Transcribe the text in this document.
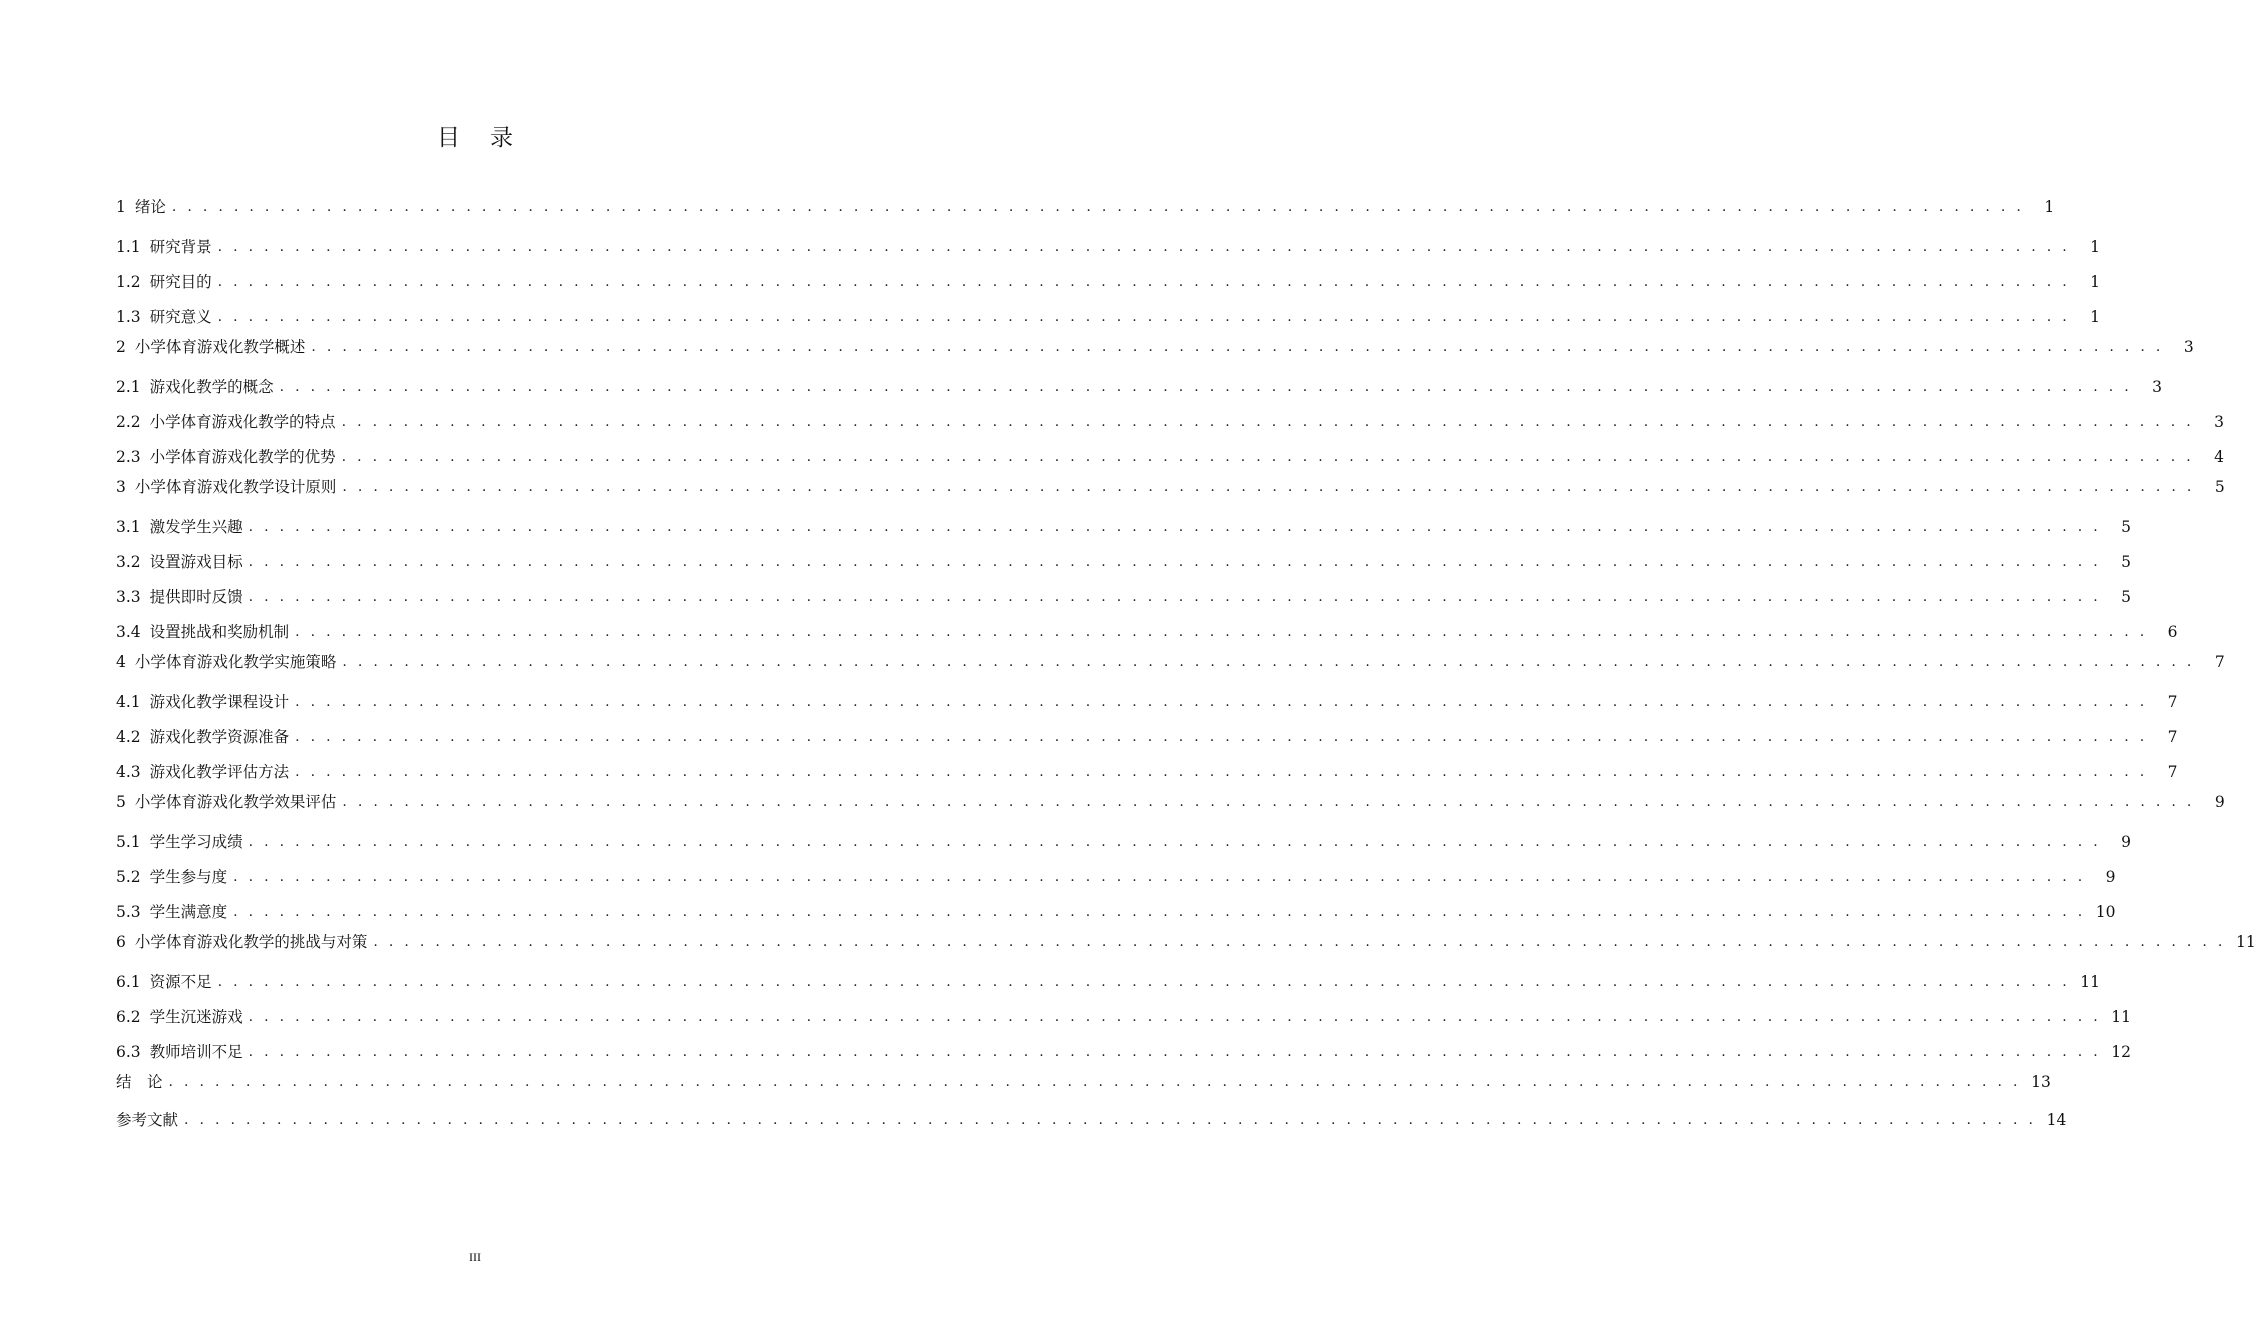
目 录
1 绪论 . . . . . . . . . . . . . . . . . . . . . . . . . . . . . . . . . . . . . . . . . . . . . . . . . . . . . . . . . . . . . . . . . . . . . . . . . . . . . . . . . . . . . . . . . . . . . . . . . . . . . . . . . . . . . . . . . . . . . . . .	1
1.1 研究背景 . . . . . . . . . . . . . . . . . . . . . . . . . . . . . . . . . . . . . . . . . . . . . . . . . . . . . . . . . . . . . . . . . . . . . . . . . . . . . . . . . . . . . . . . . . . . . . . . . . . . . . . . . . . . . . . . . . . . . . . .	1
1.2 研究目的 . . . . . . . . . . . . . . . . . . . . . . . . . . . . . . . . . . . . . . . . . . . . . . . . . . . . . . . . . . . . . . . . . . . . . . . . . . . . . . . . . . . . . . . . . . . . . . . . . . . . . . . . . . . . . . . . . . . . . . . .	1
1.3 研究意义 . . . . . . . . . . . . . . . . . . . . . . . . . . . . . . . . . . . . . . . . . . . . . . . . . . . . . . . . . . . . . . . . . . . . . . . . . . . . . . . . . . . . . . . . . . . . . . . . . . . . . . . . . . . . . . . . . . . . . . . .	1
2 小学体育游戏化教学概述 . . . . . . . . . . . . . . . . . . . . . . . . . . . . . . . . . . . . . . . . . . . . . . . . . . . . . . . . . . . . . . . . . . . . . . . . . . . . . . . . . . . . . . . . . . . . . . . . . . . . . . . . . . . . . . . . . . . . . . . .	3
2.1 游戏化教学的概念 . . . . . . . . . . . . . . . . . . . . . . . . . . . . . . . . . . . . . . . . . . . . . . . . . . . . . . . . . . . . . . . . . . . . . . . . . . . . . . . . . . . . . . . . . . . . . . . . . . . . . . . . . . . . . . . . . . . . . . . .	3
2.2 小学体育游戏化教学的特点 . . . . . . . . . . . . . . . . . . . . . . . . . . . . . . . . . . . . . . . . . . . . . . . . . . . . . . . . . . . . . . . . . . . . . . . . . . . . . . . . . . . . . . . . . . . . . . . . . . . . . . . . . . . . . . . . . . . . . . . .	3
2.3 小学体育游戏化教学的优势 . . . . . . . . . . . . . . . . . . . . . . . . . . . . . . . . . . . . . . . . . . . . . . . . . . . . . . . . . . . . . . . . . . . . . . . . . . . . . . . . . . . . . . . . . . . . . . . . . . . . . . . . . . . . . . . . . . . . . . . .	4
3 小学体育游戏化教学设计原则 . . . . . . . . . . . . . . . . . . . . . . . . . . . . . . . . . . . . . . . . . . . . . . . . . . . . . . . . . . . . . . . . . . . . . . . . . . . . . . . . . . . . . . . . . . . . . . . . . . . . . . . . . . . . . . . . . . . . . . . .	5
3.1 激发学生兴趣 . . . . . . . . . . . . . . . . . . . . . . . . . . . . . . . . . . . . . . . . . . . . . . . . . . . . . . . . . . . . . . . . . . . . . . . . . . . . . . . . . . . . . . . . . . . . . . . . . . . . . . . . . . . . . . . . . . . . . . . .	5
3.2 设置游戏目标 . . . . . . . . . . . . . . . . . . . . . . . . . . . . . . . . . . . . . . . . . . . . . . . . . . . . . . . . . . . . . . . . . . . . . . . . . . . . . . . . . . . . . . . . . . . . . . . . . . . . . . . . . . . . . . . . . . . . . . . .	5
3.3 提供即时反馈 . . . . . . . . . . . . . . . . . . . . . . . . . . . . . . . . . . . . . . . . . . . . . . . . . . . . . . . . . . . . . . . . . . . . . . . . . . . . . . . . . . . . . . . . . . . . . . . . . . . . . . . . . . . . . . . . . . . . . . . .	5
3.4 设置挑战和奖励机制 . . . . . . . . . . . . . . . . . . . . . . . . . . . . . . . . . . . . . . . . . . . . . . . . . . . . . . . . . . . . . . . . . . . . . . . . . . . . . . . . . . . . . . . . . . . . . . . . . . . . . . . . . . . . . . . . . . . . . . . .	6
4 小学体育游戏化教学实施策略 . . . . . . . . . . . . . . . . . . . . . . . . . . . . . . . . . . . . . . . . . . . . . . . . . . . . . . . . . . . . . . . . . . . . . . . . . . . . . . . . . . . . . . . . . . . . . . . . . . . . . . . . . . . . . . . . . . . . . . . .	7
4.1 游戏化教学课程设计 . . . . . . . . . . . . . . . . . . . . . . . . . . . . . . . . . . . . . . . . . . . . . . . . . . . . . . . . . . . . . . . . . . . . . . . . . . . . . . . . . . . . . . . . . . . . . . . . . . . . . . . . . . . . . . . . . . . . . . . .	7
4.2 游戏化教学资源准备 . . . . . . . . . . . . . . . . . . . . . . . . . . . . . . . . . . . . . . . . . . . . . . . . . . . . . . . . . . . . . . . . . . . . . . . . . . . . . . . . . . . . . . . . . . . . . . . . . . . . . . . . . . . . . . . . . . . . . . . .	7
4.3 游戏化教学评估方法 . . . . . . . . . . . . . . . . . . . . . . . . . . . . . . . . . . . . . . . . . . . . . . . . . . . . . . . . . . . . . . . . . . . . . . . . . . . . . . . . . . . . . . . . . . . . . . . . . . . . . . . . . . . . . . . . . . . . . . . .	7
5 小学体育游戏化教学效果评估 . . . . . . . . . . . . . . . . . . . . . . . . . . . . . . . . . . . . . . . . . . . . . . . . . . . . . . . . . . . . . . . . . . . . . . . . . . . . . . . . . . . . . . . . . . . . . . . . . . . . . . . . . . . . . . . . . . . . . . . .	9
5.1 学生学习成绩 . . . . . . . . . . . . . . . . . . . . . . . . . . . . . . . . . . . . . . . . . . . . . . . . . . . . . . . . . . . . . . . . . . . . . . . . . . . . . . . . . . . . . . . . . . . . . . . . . . . . . . . . . . . . . . . . . . . . . . . .	9
5.2 学生参与度 . . . . . . . . . . . . . . . . . . . . . . . . . . . . . . . . . . . . . . . . . . . . . . . . . . . . . . . . . . . . . . . . . . . . . . . . . . . . . . . . . . . . . . . . . . . . . . . . . . . . . . . . . . . . . . . . . . . . . . . .	9
5.3 学生满意度 . . . . . . . . . . . . . . . . . . . . . . . . . . . . . . . . . . . . . . . . . . . . . . . . . . . . . . . . . . . . . . . . . . . . . . . . . . . . . . . . . . . . . . . . . . . . . . . . . . . . . . . . . . . . . . . . . . . . . . . . 10
6 小学体育游戏化教学的挑战与对策 . . . . . . . . . . . . . . . . . . . . . . . . . . . . . . . . . . . . . . . . . . . . . . . . . . . . . . . . . . . . . . . . . . . . . . . . . . . . . . . . . . . . . . . . . . . . . . . . . . . . . . . . . . . . . . . . . . . . . . . . 11
6.1 资源不足 . . . . . . . . . . . . . . . . . . . . . . . . . . . . . . . . . . . . . . . . . . . . . . . . . . . . . . . . . . . . . . . . . . . . . . . . . . . . . . . . . . . . . . . . . . . . . . . . . . . . . . . . . . . . . . . . . . . . . . . . 11
6.2 学生沉迷游戏 . . . . . . . . . . . . . . . . . . . . . . . . . . . . . . . . . . . . . . . . . . . . . . . . . . . . . . . . . . . . . . . . . . . . . . . . . . . . . . . . . . . . . . . . . . . . . . . . . . . . . . . . . . . . . . . . . . . . . . . . 11
6.3 教师培训不足 . . . . . . . . . . . . . . . . . . . . . . . . . . . . . . . . . . . . . . . . . . . . . . . . . . . . . . . . . . . . . . . . . . . . . . . . . . . . . . . . . . . . . . . . . . . . . . . . . . . . . . . . . . . . . . . . . . . . . . . . 12
结　论 . . . . . . . . . . . . . . . . . . . . . . . . . . . . . . . . . . . . . . . . . . . . . . . . . . . . . . . . . . . . . . . . . . . . . . . . . . . . . . . . . . . . . . . . . . . . . . . . . . . . . . . . . . . . . . . . . . . . . . . . 13
参考文献 . . . . . . . . . . . . . . . . . . . . . . . . . . . . . . . . . . . . . . . . . . . . . . . . . . . . . . . . . . . . . . . . . . . . . . . . . . . . . . . . . . . . . . . . . . . . . . . . . . . . . . . . . . . . . . . . . . . . . . . . 14
III
